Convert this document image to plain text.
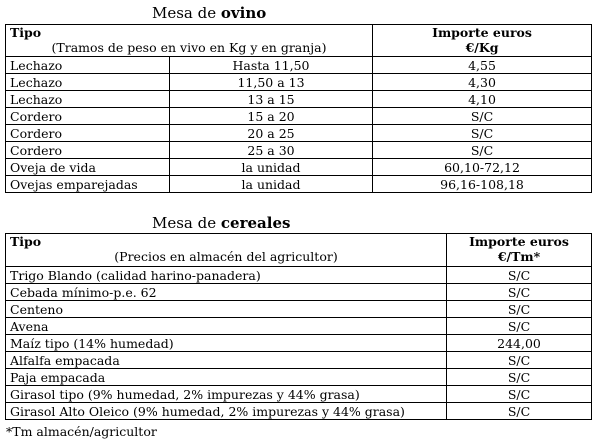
Mesa de ovino
Tipo
(Tramos de peso en vivo en Kg y en granja)		Importe euros
€/Kg

Lechazo	Hasta 11,50	4,55
Lechazo	11,50 a 13	4,30
Lechazo	13 a 15	4,10
Cordero	15 a 20	S/C
Cordero	20 a 25	S/C
Cordero	25 a 30	S/C
Oveja de vida	la unidad	60,10-72,12
Ovejas emparejadas	la unidad	96,16-108,18
Mesa de cereales
Tipo
(Precios en almacén del agricultor)	Importe euros
€/Tm*

Trigo Blando (calidad harino-panadera)	S/C
Cebada mínimo-p.e. 62	S/C
Centeno	S/C
Avena	S/C
Maíz tipo (14% humedad)	244,00
Alfalfa empacada	S/C
Paja empacada	S/C
Girasol tipo (9% humedad, 2% impurezas y 44% grasa)	S/C
Girasol Alto Oleico (9% humedad, 2% impurezas y 44% grasa)	S/C
*Tm almacén/agricultor
